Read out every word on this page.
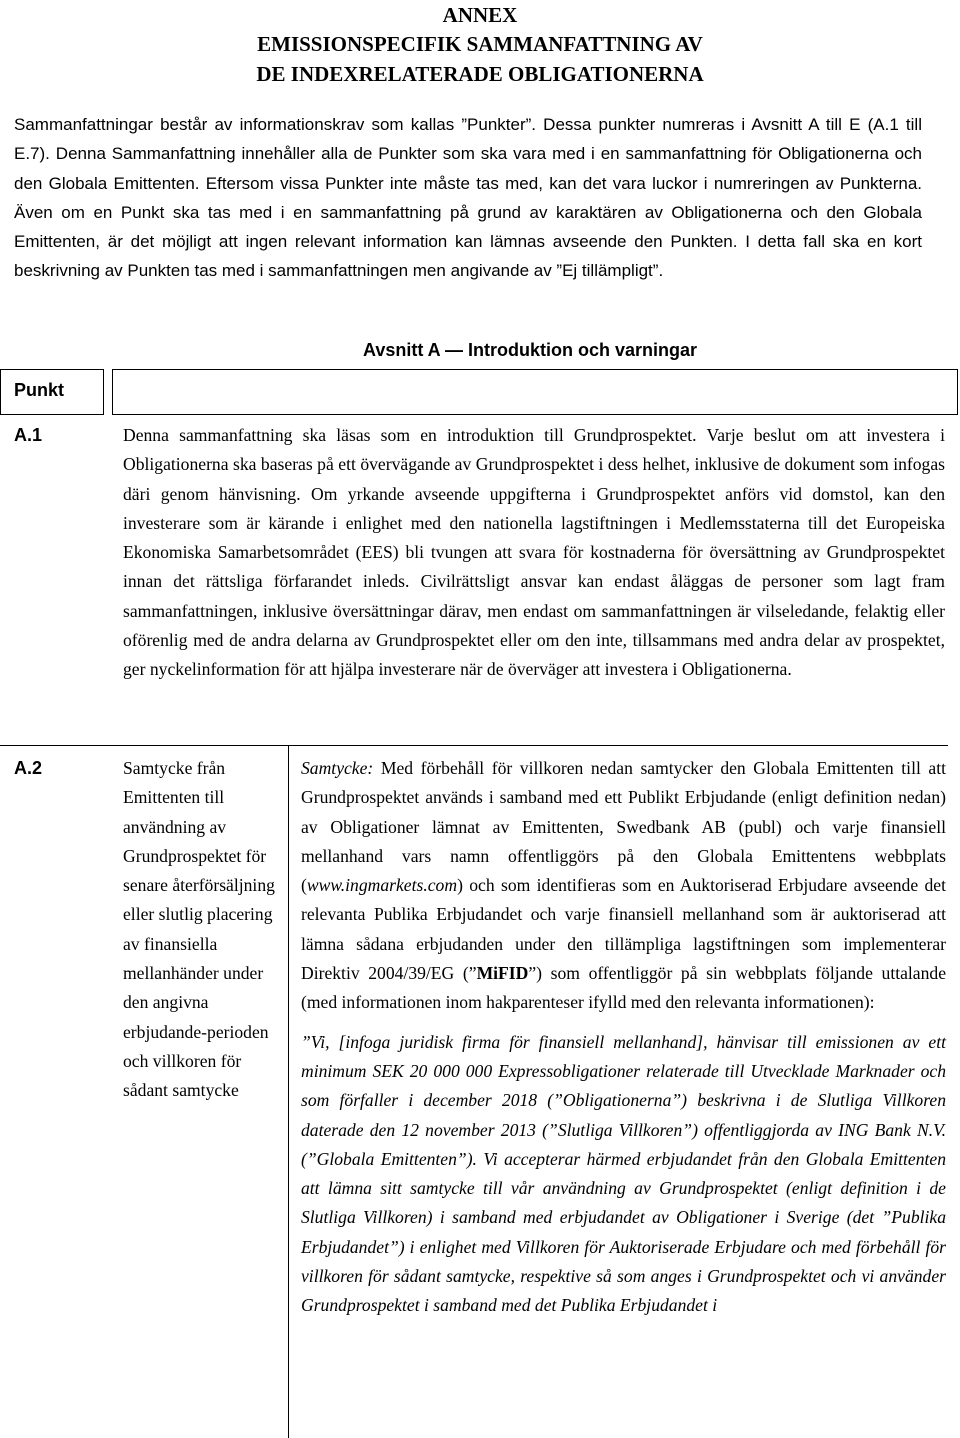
ANNEX
EMISSIONSPECIFIK SAMMANFATTNING AV
DE INDEXRELATERADE OBLIGATIONERNA

Sammanfattningar består av informationskrav som kallas ”Punkter”. Dessa punkter numreras i Avsnitt A till E (A.1 till E.7). Denna Sammanfattning innehåller alla de Punkter som ska vara med i en sammanfattning för Obligationerna och den Globala Emittenten. Eftersom vissa Punkter inte måste tas med, kan det vara luckor i numreringen av Punkterna. Även om en Punkt ska tas med i en sammanfattning på grund av karaktären av Obligationerna och den Globala Emittenten, är det möjligt att ingen relevant information kan lämnas avseende den Punkten. I detta fall ska en kort beskrivning av Punkten tas med i sammanfattningen men angivande av ”Ej tillämpligt”.

Punkt
Avsnitt A — Introduktion och varningar
A.1	Denna sammanfattning ska läsas som en introduktion till Grundprospektet. Varje beslut om att investera i Obligationerna ska baseras på ett övervägande av Grundprospektet i dess helhet, inklusive de dokument som infogas däri genom hänvisning. Om yrkande avseende uppgifterna i Grundprospektet anförs vid domstol, kan den investerare som är kärande i enlighet med den nationella lagstiftningen i Medlemsstaterna till det Europeiska Ekonomiska Samarbetsområdet (EES) bli tvungen att svara för kostnaderna för översättning av Grundprospektet innan det rättsliga förfarandet inleds. Civilrättsligt ansvar kan endast åläggas de personer som lagt fram sammanfattningen, inklusive översättningar därav, men endast om sammanfattningen är vilseledande, felaktig eller oförenlig med de andra delarna av Grundprospektet eller om den inte, tillsammans med andra delar av prospektet, ger nyckelinformation för att hjälpa investerare när de överväger att investera i Obligationerna.

A.2	Samtycke från Emittenten till användning av Grundprospektet för senare återförsäljning eller slutlig placering av finansiella mellanhänder under den angivna erbjudande-perioden och villkoren för sådant samtycke

Samtycke: Med förbehåll för villkoren nedan samtycker den Globala Emittenten till att Grundprospektet används i samband med ett Publikt Erbjudande (enligt definition nedan) av Obligationer lämnat av Emittenten, Swedbank AB (publ) och varje finansiell mellanhand vars namn offentliggörs på den Globala Emittentens webbplats (www.ingmarkets.com) och som identifieras som en Auktoriserad Erbjudare avseende det relevanta Publika Erbjudandet och varje finansiell mellanhand som är auktoriserad att lämna sådana erbjudanden under den tillämpliga lagstiftningen som implementerar Direktiv 2004/39/EG (”MiFID”) som offentliggör på sin webbplats följande uttalande (med informationen inom hakparenteser ifylld med den relevanta informationen):

”Vi, [infoga juridisk firma för finansiell mellanhand], hänvisar till emissionen av ett minimum SEK 20 000 000 Expressobligationer relaterade till Utvecklade Marknader och som förfaller i december 2018 (”Obligationerna”) beskrivna i de Slutliga Villkoren daterade den 12 november 2013 (”Slutliga Villkoren”) offentliggjorda av ING Bank N.V. (”Globala Emittenten”). Vi accepterar härmed erbjudandet från den Globala Emittenten att lämna sitt samtycke till vår användning av Grundprospektet (enligt definition i de Slutliga Villkoren) i samband med erbjudandet av Obligationer i Sverige (det ”Publika Erbjudandet”) i enlighet med Villkoren för Auktoriserade Erbjudare och med förbehåll för villkoren för sådant samtycke, respektive så som anges i Grundprospektet och vi använder Grundprospektet i samband med det Publika Erbjudandet i
